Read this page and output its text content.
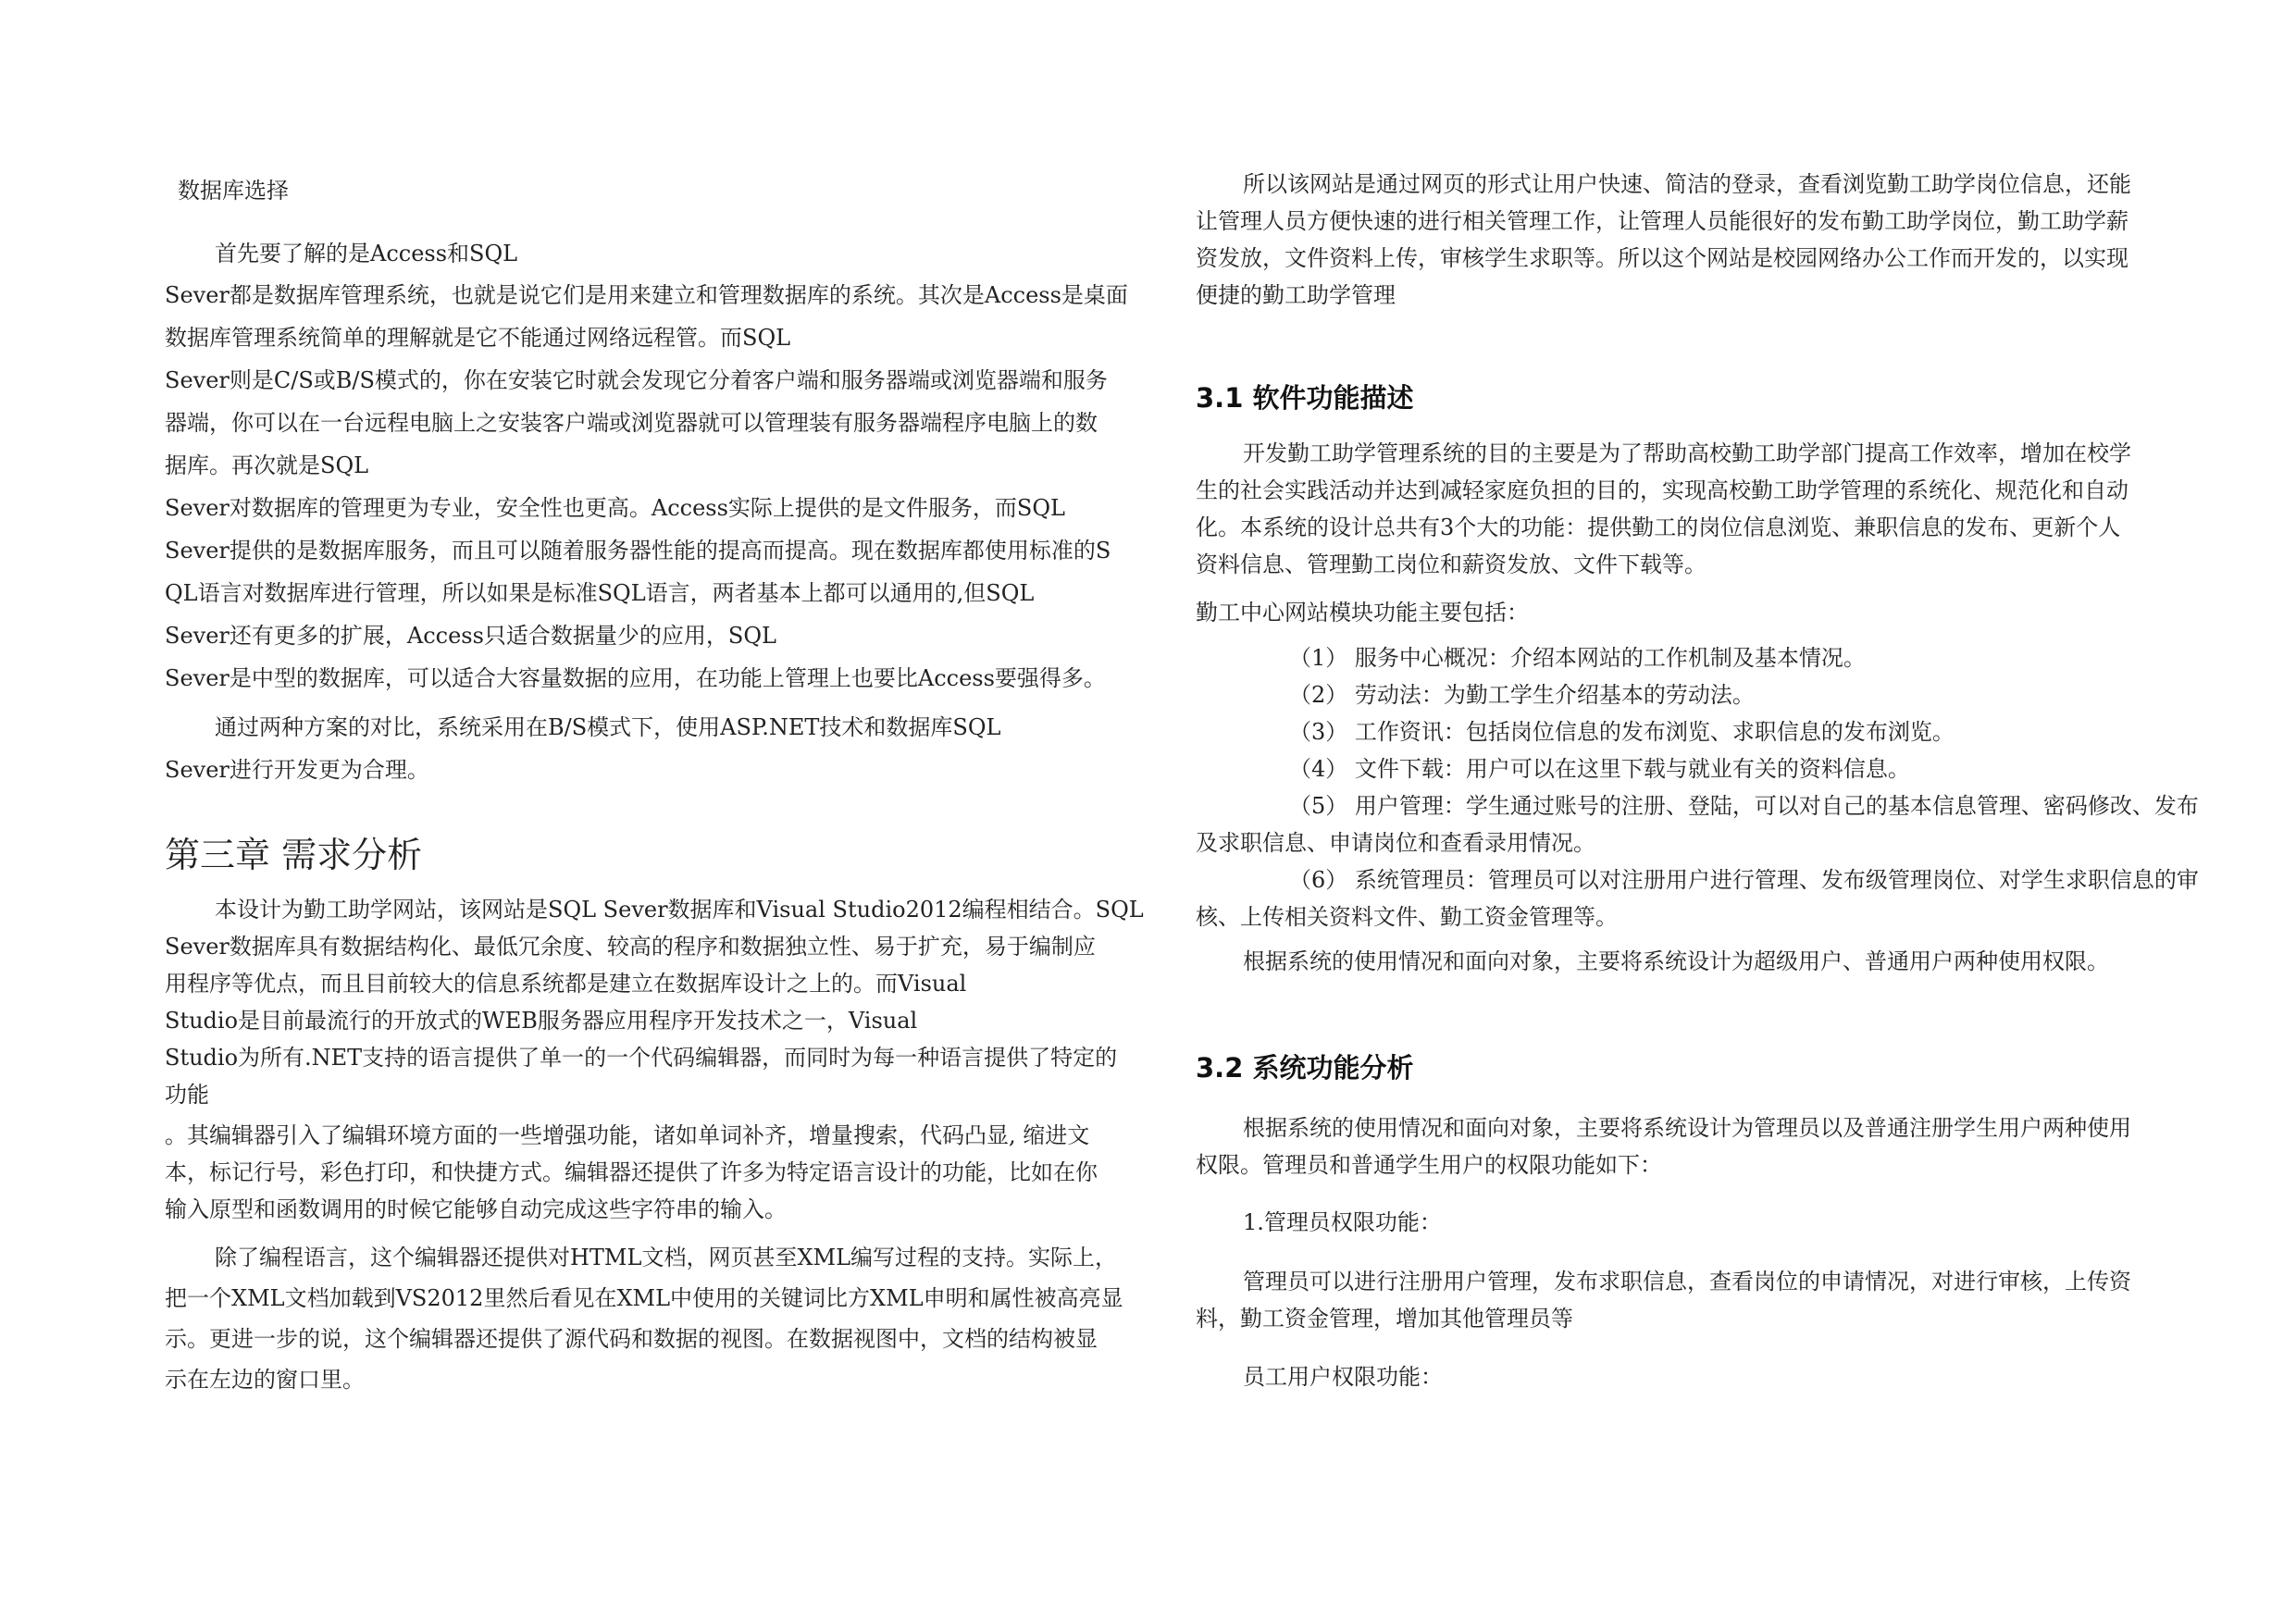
数据库选择
首先要了解的是Access和SQL
Sever都是数据库管理系统，也就是说它们是用来建立和管理数据库的系统。其次是Access是桌面
数据库管理系统简单的理解就是它不能通过网络远程管。而SQL
Sever则是C/S或B/S模式的，你在安装它时就会发现它分着客户端和服务器端或浏览器端和服务
器端，你可以在一台远程电脑上之安装客户端或浏览器就可以管理装有服务器端程序电脑上的数
据库。再次就是SQL
Sever对数据库的管理更为专业，安全性也更高。Access实际上提供的是文件服务，而SQL
Sever提供的是数据库服务，而且可以随着服务器性能的提高而提高。现在数据库都使用标准的S
QL语言对数据库进行管理，所以如果是标准SQL语言，两者基本上都可以通用的,但SQL
Sever还有更多的扩展，Access只适合数据量少的应用，SQL
Sever是中型的数据库，可以适合大容量数据的应用，在功能上管理上也要比Access要强得多。
通过两种方案的对比，系统采用在B/S模式下，使用ASP.NET技术和数据库SQL
Sever进行开发更为合理。
第三章 需求分析
本设计为勤工助学网站，该网站是SQL Sever数据库和Visual Studio2012编程相结合。SQL
Sever数据库具有数据结构化、最低冗余度、较高的程序和数据独立性、易于扩充，易于编制应
用程序等优点，而且目前较大的信息系统都是建立在数据库设计之上的。而Visual
Studio是目前最流行的开放式的WEB服务器应用程序开发技术之一，Visual
Studio为所有.NET支持的语言提供了单一的一个代码编辑器，而同时为每一种语言提供了特定的
功能
。其编辑器引入了编辑环境方面的一些增强功能，诸如单词补齐，增量搜索，代码凸显, 缩进文
本，标记行号，彩色打印，和快捷方式。编辑器还提供了许多为特定语言设计的功能，比如在你
输入原型和函数调用的时候它能够自动完成这些字符串的输入。
除了编程语言，这个编辑器还提供对HTML文档，网页甚至XML编写过程的支持。实际上，
把一个XML文档加载到VS2012里然后看见在XML中使用的关键词比方XML申明和属性被高亮显
示。更进一步的说，这个编辑器还提供了源代码和数据的视图。在数据视图中，文档的结构被显
示在左边的窗口里。
所以该网站是通过网页的形式让用户快速、简洁的登录，查看浏览勤工助学岗位信息，还能
让管理人员方便快速的进行相关管理工作，让管理人员能很好的发布勤工助学岗位，勤工助学薪
资发放，文件资料上传，审核学生求职等。所以这个网站是校园网络办公工作而开发的，以实现
便捷的勤工助学管理
3.1 软件功能描述
开发勤工助学管理系统的目的主要是为了帮助高校勤工助学部门提高工作效率，增加在校学
生的社会实践活动并达到减轻家庭负担的目的，实现高校勤工助学管理的系统化、规范化和自动
化。本系统的设计总共有3个大的功能：提供勤工的岗位信息浏览、兼职信息的发布、更新个人
资料信息、管理勤工岗位和薪资发放、文件下载等。
勤工中心网站模块功能主要包括：
（1） 服务中心概况：介绍本网站的工作机制及基本情况。
（2） 劳动法：为勤工学生介绍基本的劳动法。
（3） 工作资讯：包括岗位信息的发布浏览、求职信息的发布浏览。
（4） 文件下载：用户可以在这里下载与就业有关的资料信息。
（5） 用户管理：学生通过账号的注册、登陆，可以对自己的基本信息管理、密码修改、发布
及求职信息、申请岗位和查看录用情况。
（6） 系统管理员：管理员可以对注册用户进行管理、发布级管理岗位、对学生求职信息的审
核、上传相关资料文件、勤工资金管理等。
根据系统的使用情况和面向对象，主要将系统设计为超级用户、普通用户两种使用权限。
3.2 系统功能分析
根据系统的使用情况和面向对象，主要将系统设计为管理员以及普通注册学生用户两种使用
权限。管理员和普通学生用户的权限功能如下：
1.管理员权限功能：
管理员可以进行注册用户管理，发布求职信息，查看岗位的申请情况，对进行审核，上传资
料，勤工资金管理，增加其他管理员等
员工用户权限功能：
